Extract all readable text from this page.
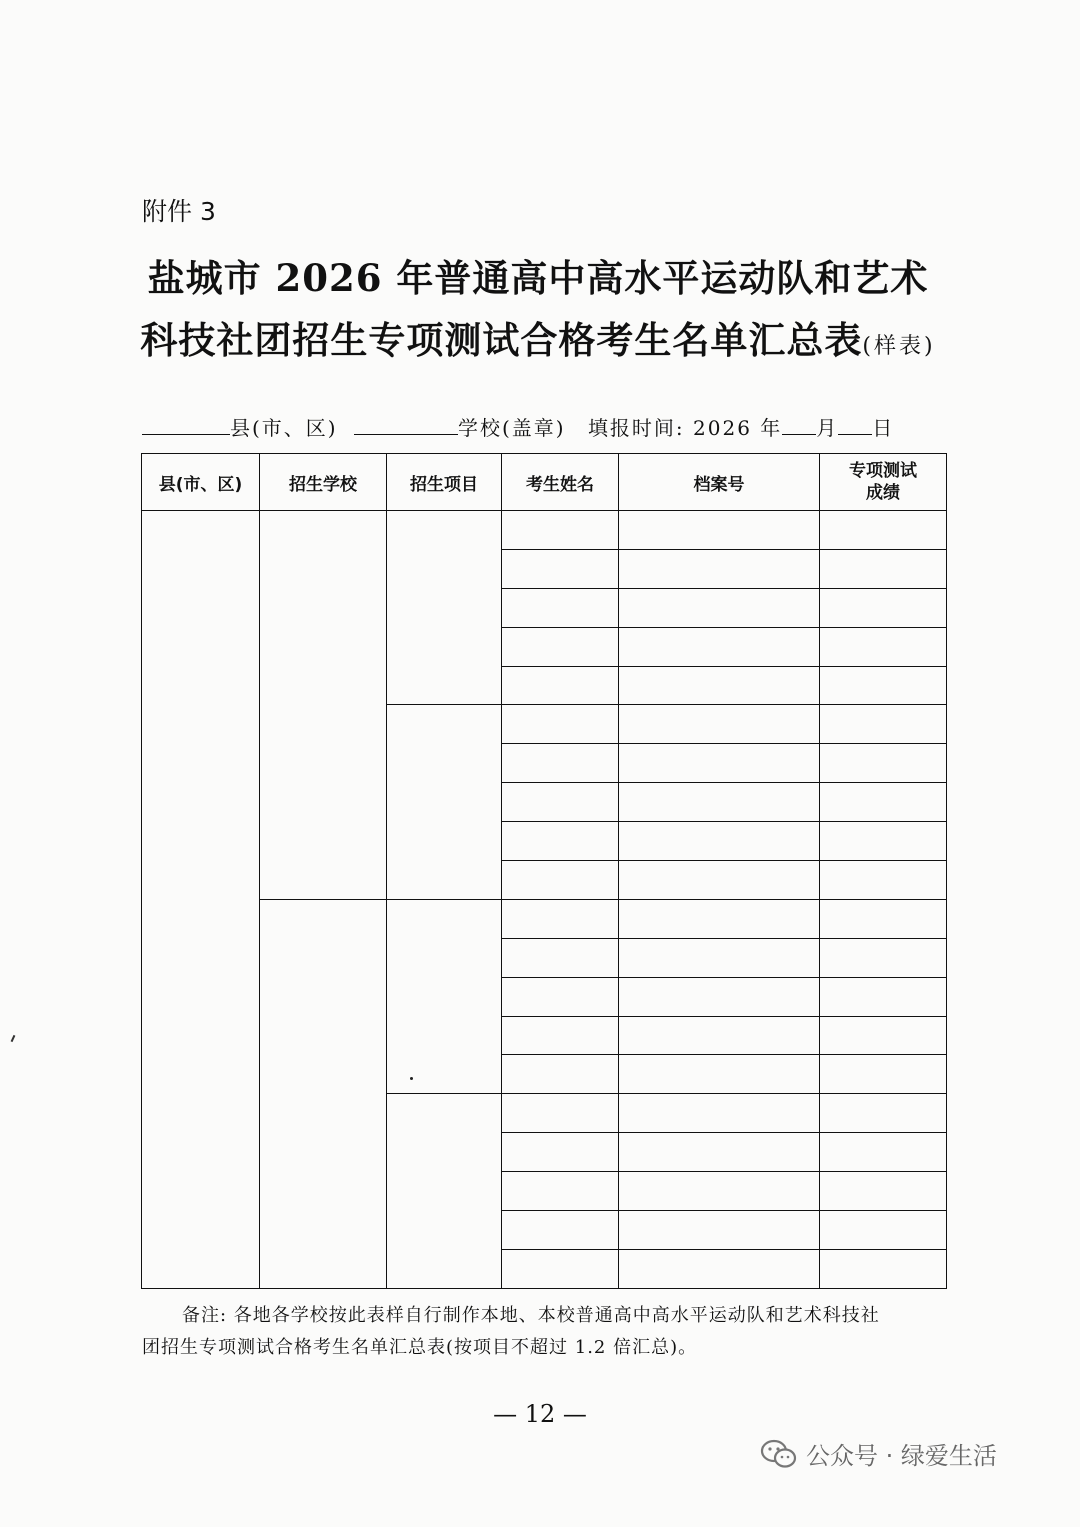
附件 3
盐城市 2026 年普通高中高水平运动队和艺术
科技社团招生专项测试合格考生名单汇总表(样表)
县(市、区)	学校(盖章) 填报时间: 2026 年 月 日
县(市、区)	招生学校	招生项目	考生姓名	档案号	专项测试
成绩

备注: 各地各学校按此表样自行制作本地、本校普通高中高水平运动队和艺术科技社
团招生专项测试合格考生名单汇总表(按项目不超过 1.2 倍汇总)。
— 12 —
公众号 · 绿爱生活
